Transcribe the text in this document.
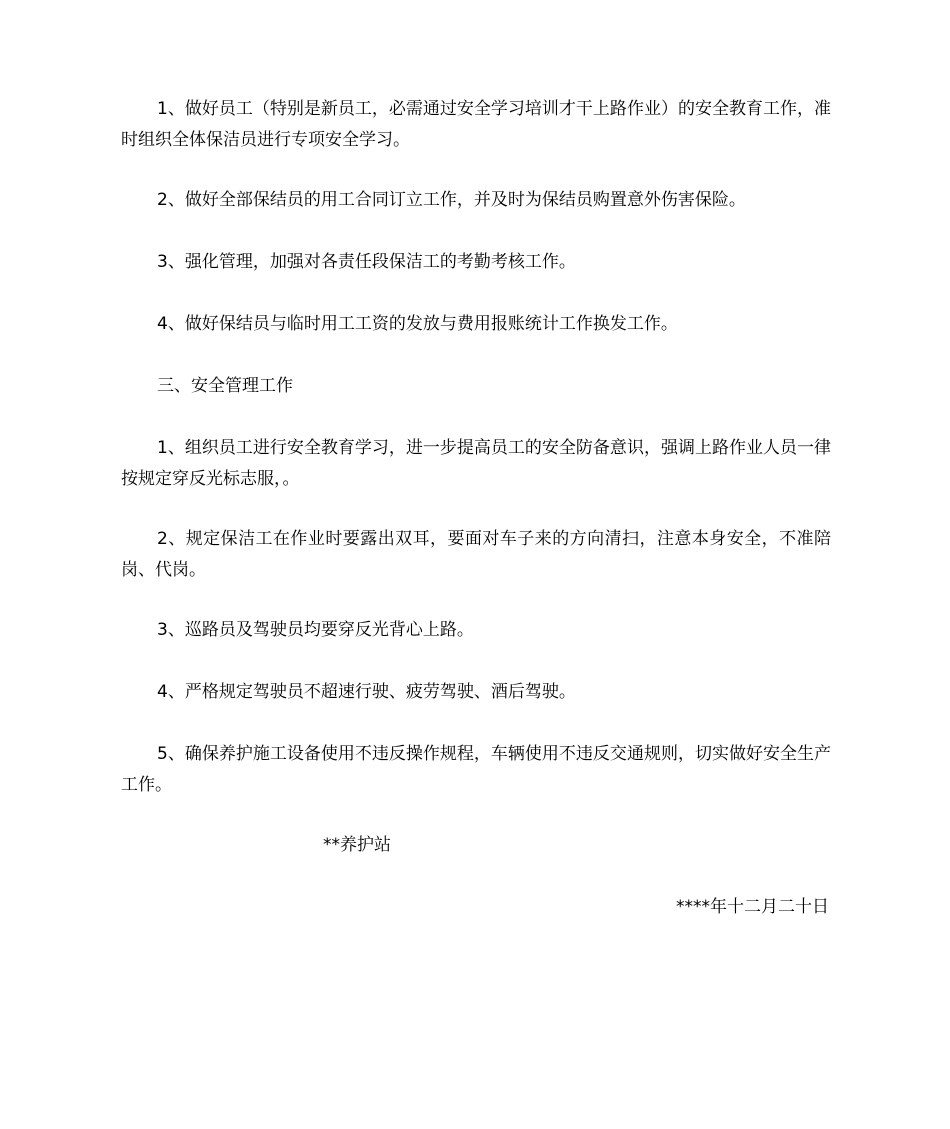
1、做好员工（特别是新员工，必需通过安全学习培训才干上路作业）的安全教育工作，准时组织全体保洁员进行专项安全学习。

2、做好全部保结员的用工合同订立工作，并及时为保结员购置意外伤害保险。

3、强化管理，加强对各责任段保洁工的考勤考核工作。

4、做好保结员与临时用工工资的发放与费用报账统计工作换发工作。

三、安全管理工作

1、组织员工进行安全教育学习，进一步提高员工的安全防备意识，强调上路作业人员一律按规定穿反光标志服，。

2、规定保洁工在作业时要露出双耳，要面对车子来的方向清扫，注意本身安全，不准陪岗、代岗。

3、巡路员及驾驶员均要穿反光背心上路。

4、严格规定驾驶员不超速行驶、疲劳驾驶、酒后驾驶。

5、确保养护施工设备使用不违反操作规程，车辆使用不违反交通规则，切实做好安全生产工作。

**养护站

****年十二月二十日
